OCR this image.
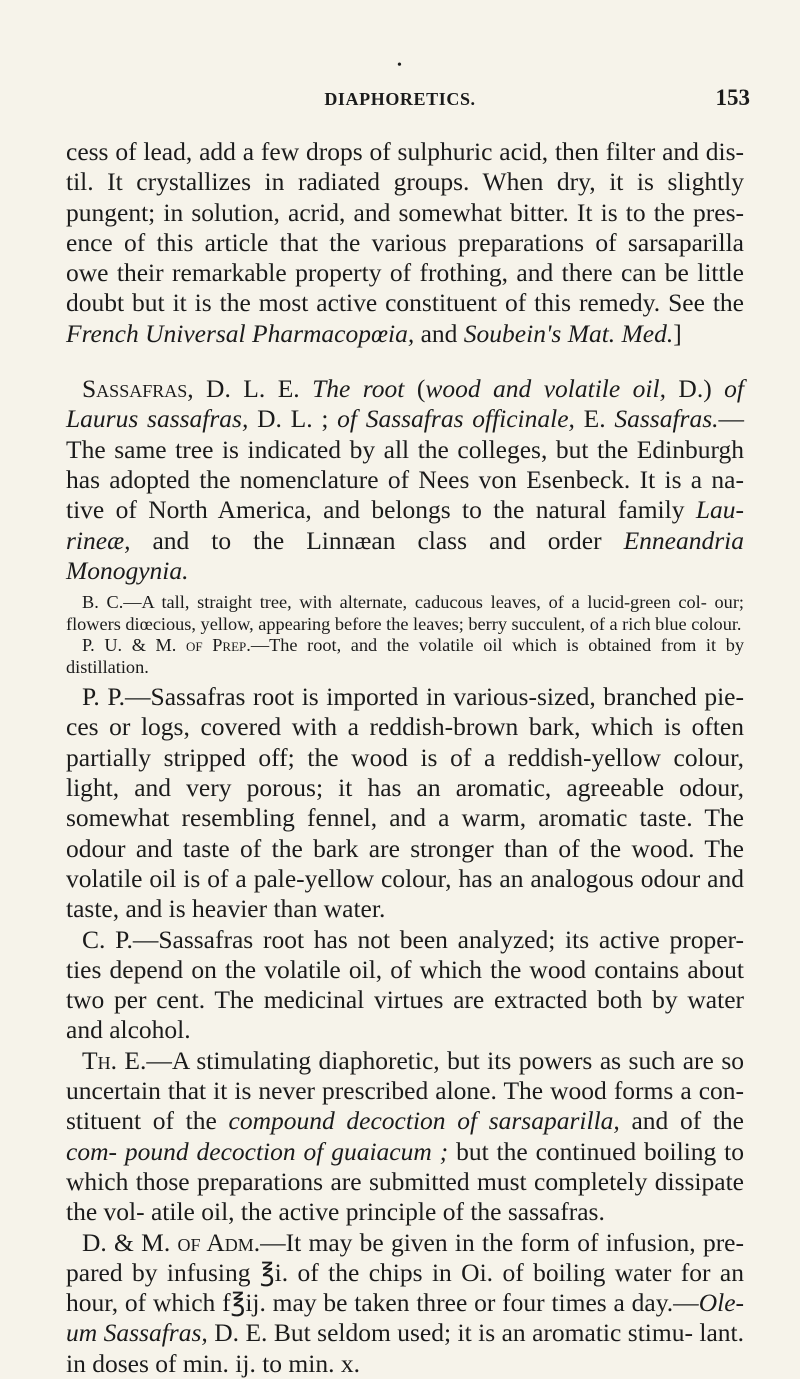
•
DIAPHORETICS.	153

cess of lead, add a few drops of sulphuric acid, then filter and dis- til. It crystallizes in radiated groups. When dry, it is slightly pungent; in solution, acrid, and somewhat bitter. It is to the pres- ence of this article that the various preparations of sarsaparilla owe their remarkable property of frothing, and there can be little doubt but it is the most active constituent of this remedy. See the French Universal Pharmacopœia, and Soubein's Mat. Med.]

Sassafras, D. L. E. The root (wood and volatile oil, D.) of Laurus sassafras, D. L. ; of Sassafras officinale, E. Sassafras.— The same tree is indicated by all the colleges, but the Edinburgh has adopted the nomenclature of Nees von Esenbeck. It is a na- tive of North America, and belongs to the natural family Lau- rineæ, and to the Linnæan class and order Enneandria Monogynia.

B. C.—A tall, straight tree, with alternate, caducous leaves, of a lucid-green col- our; flowers diœcious, yellow, appearing before the leaves; berry succulent, of a rich blue colour.

P. U. & M. of Prep.—The root, and the volatile oil which is obtained from it by distillation.

P. P.—Sassafras root is imported in various-sized, branched pie- ces or logs, covered with a reddish-brown bark, which is often partially stripped off; the wood is of a reddish-yellow colour, light, and very porous; it has an aromatic, agreeable odour, somewhat resembling fennel, and a warm, aromatic taste. The odour and taste of the bark are stronger than of the wood. The volatile oil is of a pale-yellow colour, has an analogous odour and taste, and is heavier than water.

C. P.—Sassafras root has not been analyzed; its active proper- ties depend on the volatile oil, of which the wood contains about two per cent. The medicinal virtues are extracted both by water and alcohol.

Th. E.—A stimulating diaphoretic, but its powers as such are so uncertain that it is never prescribed alone. The wood forms a con- stituent of the compound decoction of sarsaparilla, and of the com- pound decoction of guaiacum ; but the continued boiling to which those preparations are submitted must completely dissipate the vol- atile oil, the active principle of the sassafras.

D. & M. of Adm.—It may be given in the form of infusion, pre- pared by infusing ℥i. of the chips in Oi. of boiling water for an hour, of which f℥ij. may be taken three or four times a day.—Ole- um Sassafras, D. E. But seldom used; it is an aromatic stimu- lant. in doses of min. ij. to min. x.
